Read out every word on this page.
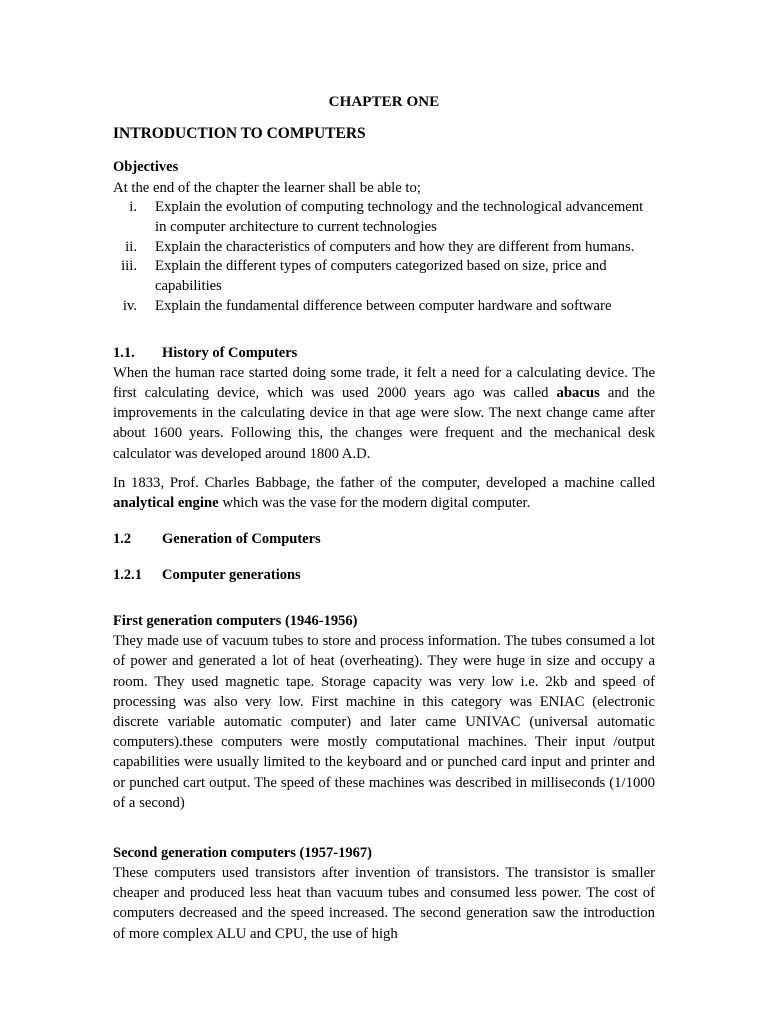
CHAPTER ONE
INTRODUCTION TO COMPUTERS
Objectives
At the end of the chapter the learner shall be able to;
i.	Explain the evolution of computing technology and the technological advancement in computer architecture to current technologies
ii.	Explain the characteristics of computers and how they are different from humans.
iii.	Explain the different types of computers categorized based on size, price and capabilities
iv.	Explain the fundamental difference between computer hardware and software
1.1.	History of Computers

When the human race started doing some trade, it felt a need for a calculating device. The first calculating device, which was used 2000 years ago was called abacus and the improvements in the calculating device in that age were slow. The next change came after about 1600 years. Following this, the changes were frequent and the mechanical desk calculator was developed around 1800 A.D.

In 1833, Prof. Charles Babbage, the father of the computer, developed a machine called analytical engine which was the vase for the modern digital computer.

1.2	Generation of Computers
1.2.1	Computer generations
First generation computers (1946-1956)

They made use of vacuum tubes to store and process information. The tubes consumed a lot of power and generated a lot of heat (overheating). They were huge in size and occupy a room. They used magnetic tape. Storage capacity was very low i.e. 2kb and speed of processing was also very low. First machine in this category was ENIAC (electronic discrete variable automatic computer) and later came UNIVAC (universal automatic computers).these computers were mostly computational machines. Their input /output capabilities were usually limited to the keyboard and or punched card input and printer and or punched cart output. The speed of these machines was described in milliseconds (1/1000 of a second)

Second generation computers (1957-1967)

These computers used transistors after invention of transistors. The transistor is smaller cheaper and produced less heat than vacuum tubes and consumed less power. The cost of computers decreased and the speed increased. The second generation saw the introduction of more complex ALU and CPU, the use of high
